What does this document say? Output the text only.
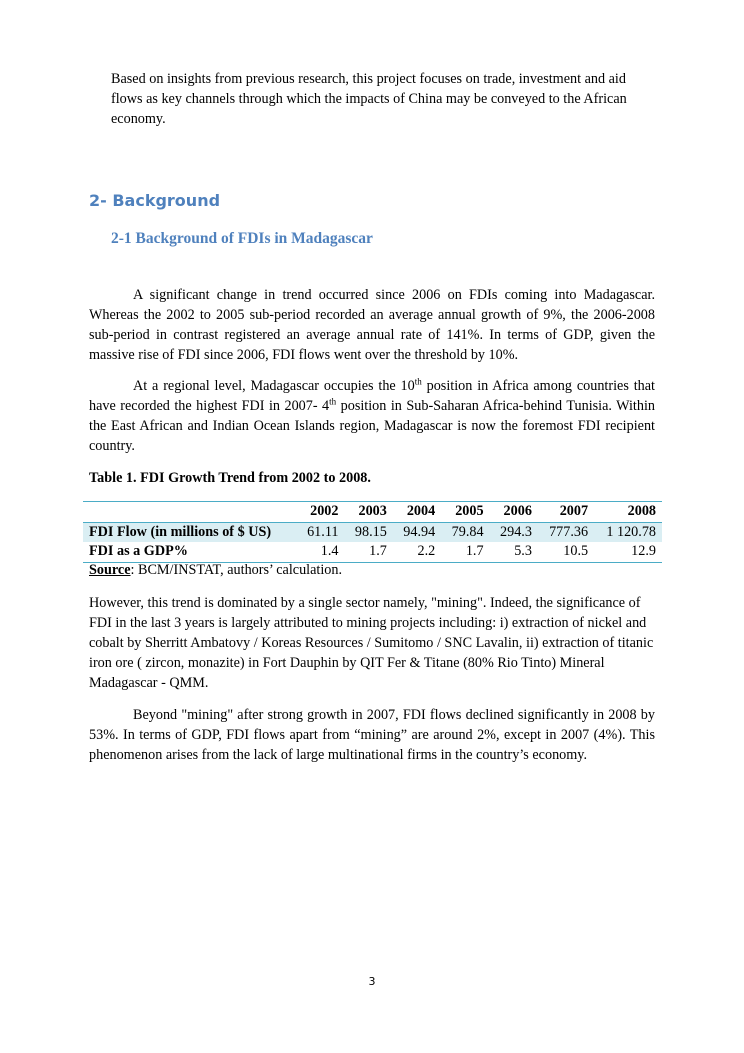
Based on insights from previous research, this project focuses on trade, investment and aid flows as key channels through which the impacts of China may be conveyed to the African economy.

2- Background
2-1 Background of FDIs in Madagascar

A significant change in trend occurred since 2006 on FDIs coming into Madagascar. Whereas the 2002 to 2005 sub-period recorded an average annual growth of 9%, the 2006-2008 sub-period in contrast registered an average annual rate of 141%. In terms of GDP, given the massive rise of FDI since 2006, FDI flows went over the threshold by 10%.

At a regional level, Madagascar occupies the 10th position in Africa among countries that have recorded the highest FDI in 2007- 4th position in Sub-Saharan Africa-behind Tunisia. Within the East African and Indian Ocean Islands region, Madagascar is now the foremost FDI recipient country.

Table 1. FDI Growth Trend from 2002 to 2008.

	2002	2003	2004	2005	2006	2007	2008
FDI Flow (in millions of $ US)	61.11	98.15	94.94	79.84	294.3	777.36	1 120.78
FDI as a GDP%	1.4	1.7	2.2	1.7	5.3	10.5	12.9

Source: BCM/INSTAT, authors’ calculation.

However, this trend is dominated by a single sector namely, "mining". Indeed, the significance of FDI in the last 3 years is largely attributed to mining projects including: i) extraction of nickel and cobalt by Sherritt Ambatovy / Koreas Resources / Sumitomo / SNC Lavalin, ii) extraction of titanic iron ore ( zircon, monazite) in Fort Dauphin by QIT Fer & Titane (80% Rio Tinto) Mineral Madagascar - QMM.

Beyond "mining" after strong growth in 2007, FDI flows declined significantly in 2008 by 53%. In terms of GDP, FDI flows apart from “mining” are around 2%, except in 2007 (4%). This phenomenon arises from the lack of large multinational firms in the country’s economy.

3
